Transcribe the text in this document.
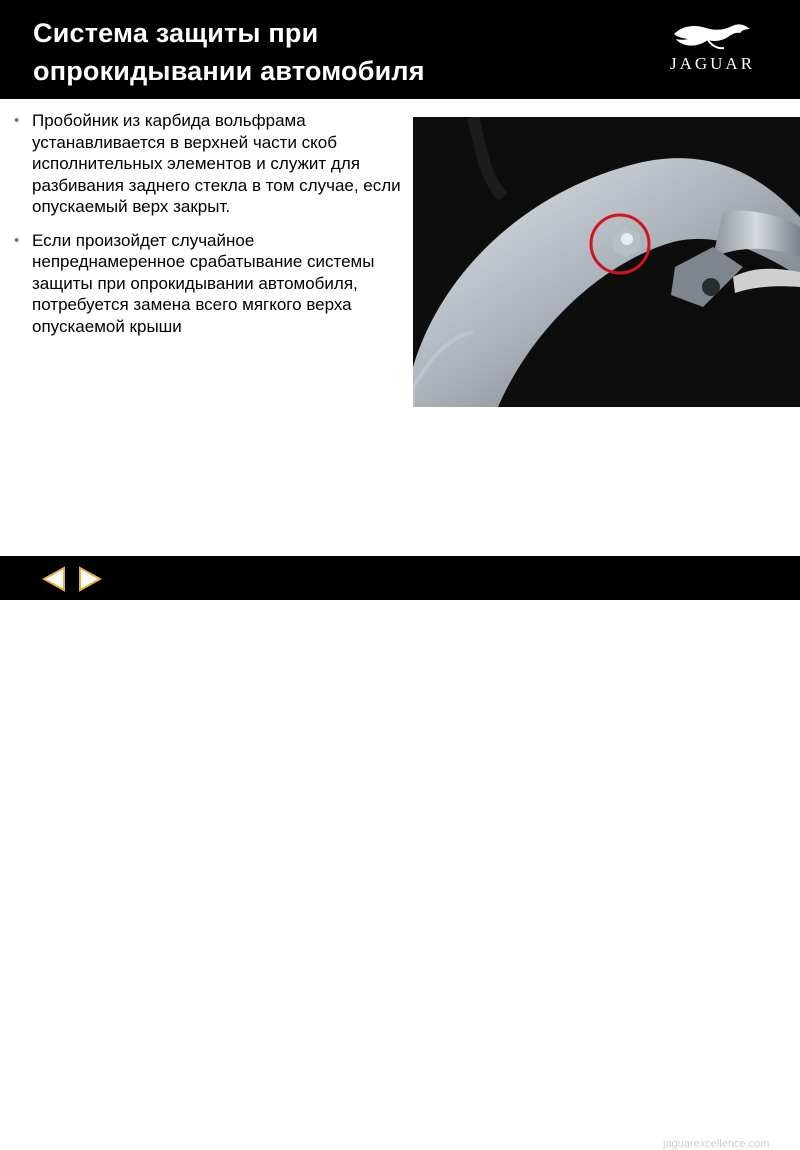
Система защиты при
опрокидывании автомобиля	JAGUAR
• Пробойник из карбида вольфрама устанавливается в верхней части скоб исполнительных элементов и служит для разбивания заднего стекла в том случае, если опускаемый верх закрыт.
• Если произойдет случайное непреднамеренное срабатывание системы защиты при опрокидывании автомобиля, потребуется замена всего мягкого верха опускаемой крыши
ACADEMY
jaguarexcellence.com
